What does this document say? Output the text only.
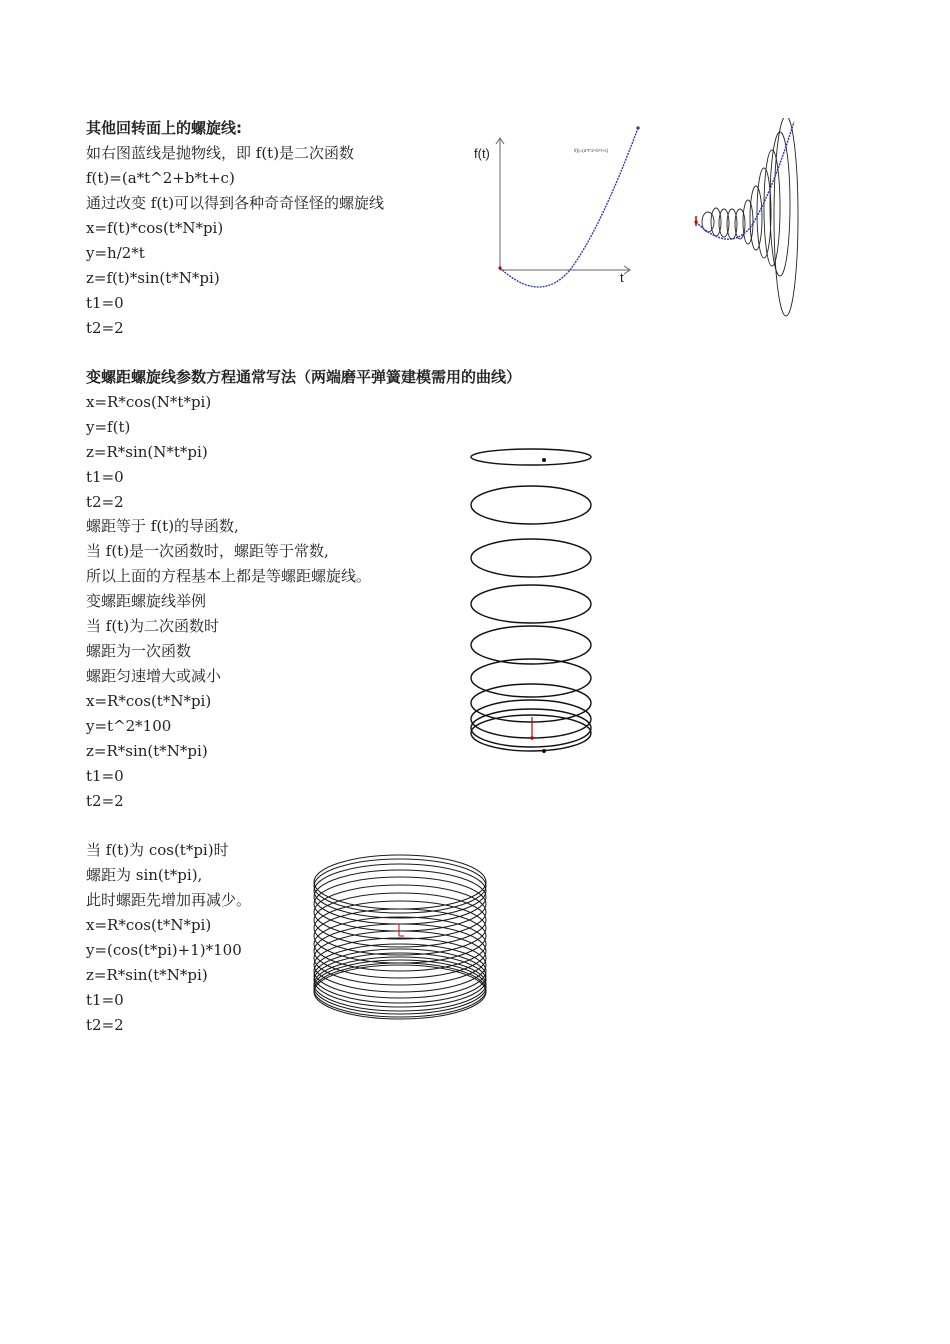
其他回转面上的螺旋线:
如右图蓝线是抛物线，即 f(t)是二次函数
f(t)=(a*t^2+b*t+c)
通过改变 f(t)可以得到各种奇奇怪怪的螺旋线
x=f(t)*cos(t*N*pi)
y=h/2*t
z=f(t)*sin(t*N*pi)
t1=0
t2=2
f(t)
t
f(t)=(a*t^2+b*t+c)
变螺距螺旋线参数方程通常写法（两端磨平弹簧建模需用的曲线）
x=R*cos(N*t*pi)
y=f(t)
z=R*sin(N*t*pi)
t1=0
t2=2
螺距等于 f(t)的导函数,
当 f(t)是一次函数时，螺距等于常数,
所以上面的方程基本上都是等螺距螺旋线。
变螺距螺旋线举例
当 f(t)为二次函数时
螺距为一次函数
螺距匀速增大或减小
x=R*cos(t*N*pi)
y=t^2*100
z=R*sin(t*N*pi)
t1=0
t2=2
当 f(t)为 cos(t*pi)时
螺距为 sin(t*pi),
此时螺距先增加再减少。
x=R*cos(t*N*pi)
y=(cos(t*pi)+1)*100
z=R*sin(t*N*pi)
t1=0
t2=2
